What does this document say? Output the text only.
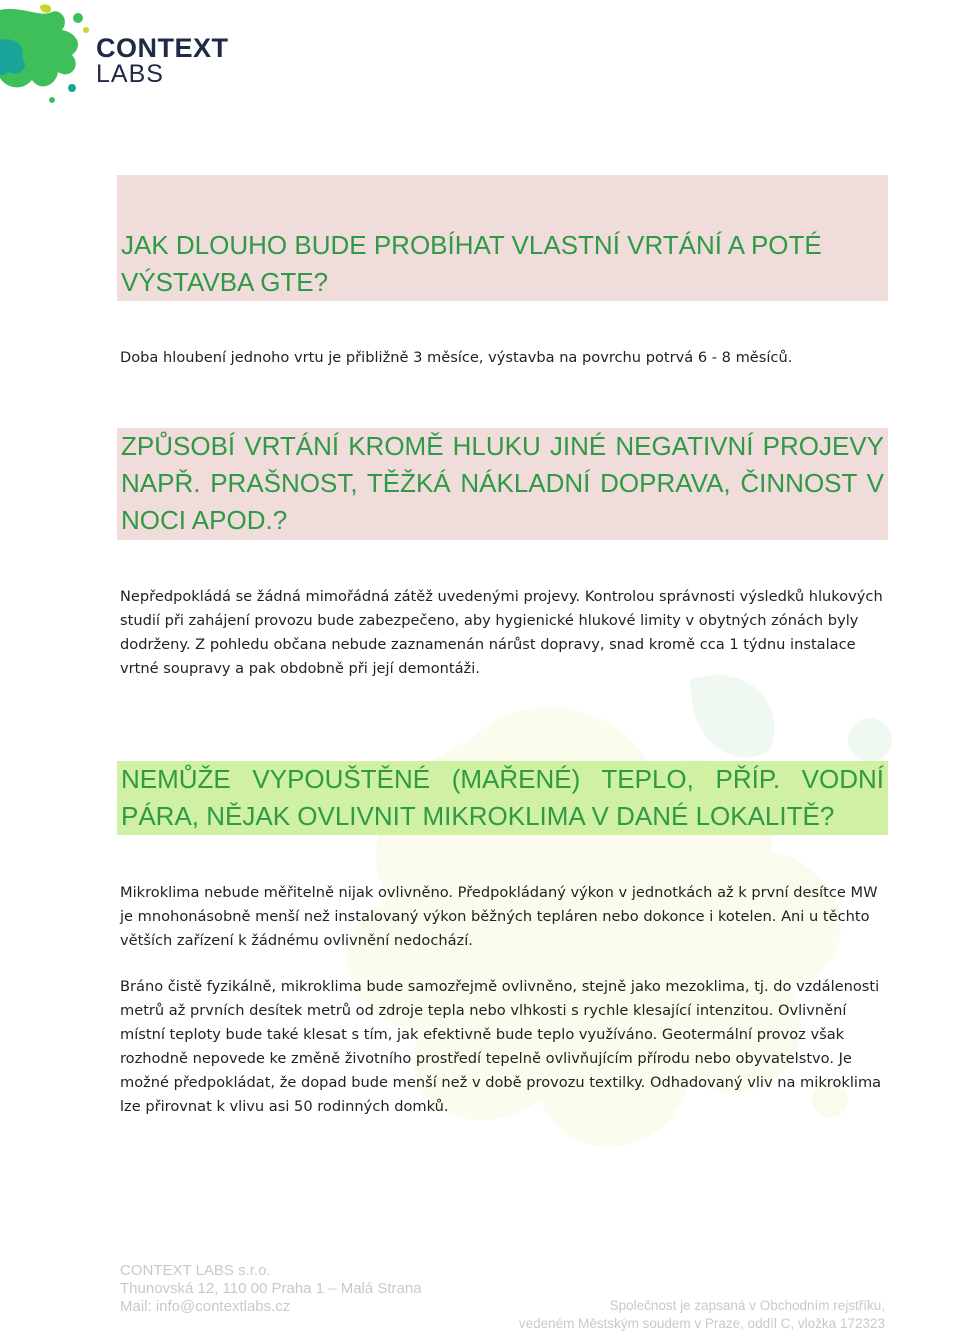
CONTEXT
LABS
JAK DLOUHO BUDE PROBÍHAT VLASTNÍ VRTÁNÍ A POTÉ VÝSTAVBA GTE?
Doba hloubení jednoho vrtu je přibližně 3 měsíce, výstavba na povrchu potrvá 6 - 8 měsíců.
ZPŮSOBÍ VRTÁNÍ KROMĚ HLUKU JINÉ NEGATIVNÍ PROJEVY NAPŘ. PRAŠNOST, TĚŽKÁ NÁKLADNÍ DOPRAVA, ČINNOST V NOCI APOD.?
Nepředpokládá se žádná mimořádná zátěž uvedenými projevy. Kontrolou správnosti výsledků hlukových studií při zahájení provozu bude zabezpečeno, aby hygienické hlukové limity v obytných zónách byly dodrženy. Z pohledu občana nebude zaznamenán nárůst dopravy, snad kromě cca 1 týdnu instalace vrtné soupravy a pak obdobně při její demontáži.
NEMŮŽE VYPOUŠTĚNÉ (MAŘENÉ) TEPLO, PŘÍP. VODNÍ PÁRA, NĚJAK OVLIVNIT MIKROKLIMA V DANÉ LOKALITĚ?
Mikroklima nebude měřitelně nijak ovlivněno. Předpokládaný výkon v jednotkách až k první desítce MW je mnohonásobně menší než instalovaný výkon běžných tepláren nebo dokonce i kotelen. Ani u těchto větších zařízení k žádnému ovlivnění nedochází.
Bráno čistě fyzikálně, mikroklima bude samozřejmě ovlivněno, stejně jako mezoklima, tj. do vzdálenosti metrů až prvních desítek metrů od zdroje tepla nebo vlhkosti s rychle klesající intenzitou. Ovlivnění místní teploty bude také klesat s tím, jak efektivně bude teplo využíváno. Geotermální provoz však rozhodně nepovede ke změně životního prostředí tepelně ovlivňujícím přírodu nebo obyvatelstvo. Je možné předpokládat, že dopad bude menší než v době provozu textilky. Odhadovaný vliv na mikroklima lze přirovnat k vlivu asi 50 rodinných domků.
CONTEXT LABS s.r.o.
Thunovská 12, 110 00 Praha 1 – Malá Strana
Mail: info@contextlabs.cz	Společnost je zapsaná v Obchodním rejstříku,
vedeném Městským soudem v Praze, oddíl C, vložka 172323
